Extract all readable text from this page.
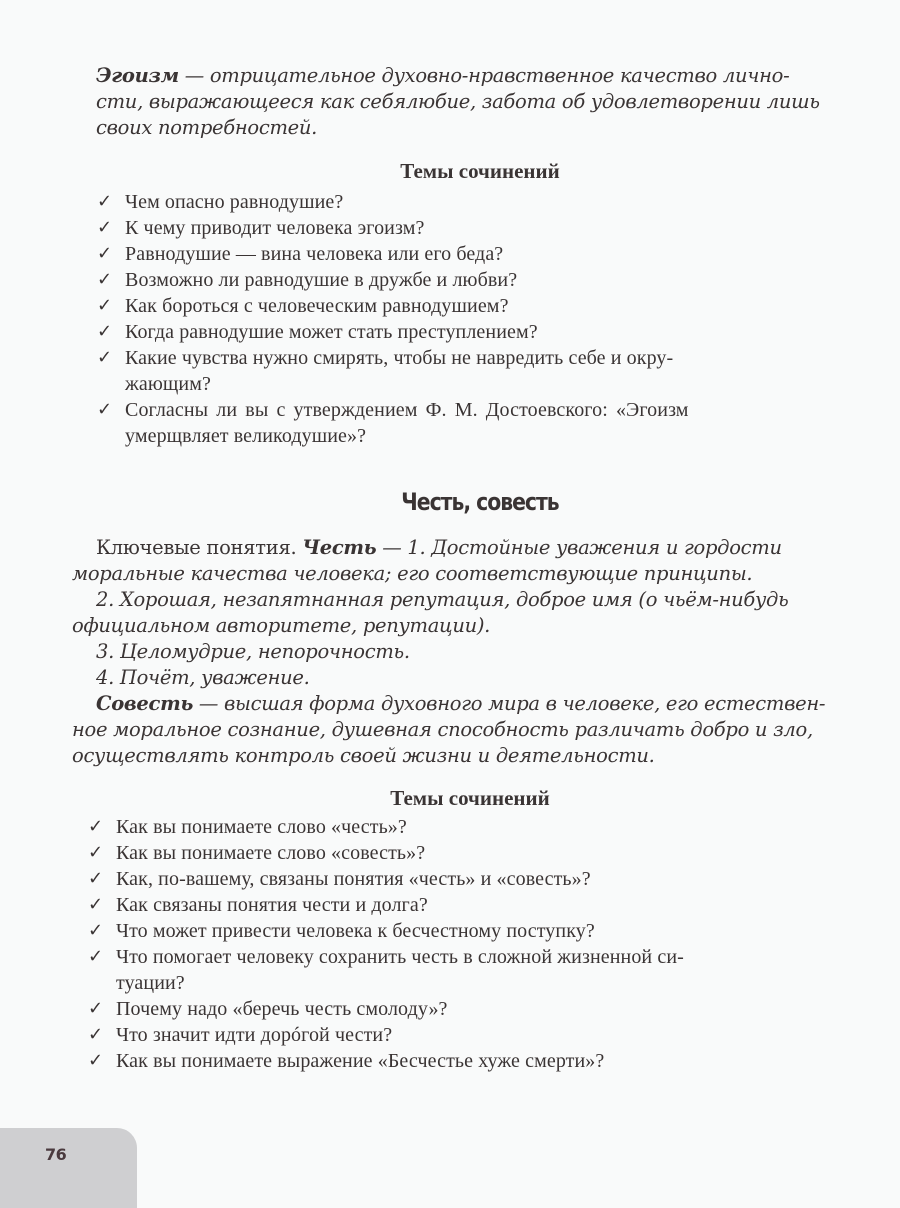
Эгоизм — отрицательное духовно-нравственное качество лично-
сти, выражающееся как себялюбие, забота об удовлетворении лишь
своих потребностей.
Темы сочинений
✓ Чем опасно равнодушие?
✓ К чему приводит человека эгоизм?
✓ Равнодушие — вина человека или его беда?
✓ Возможно ли равнодушие в дружбе и любви?
✓ Как бороться с человеческим равнодушием?
✓ Когда равнодушие может стать преступлением?
✓ Какие чувства нужно смирять, чтобы не навредить себе и окру-
жающим?
✓ Согласны ли вы с утверждением Ф. М. Достоевского: «Эгоизм
умерщвляет великодушие»?
Честь, совесть
Ключевые понятия. Честь — 1. Достойные уважения и гордости
моральные качества человека; его соответствующие принципы.
2. Хорошая, незапятнанная репутация, доброе имя (о чьём-нибудь
официальном авторитете, репутации).
3. Целомудрие, непорочность.
4. Почёт, уважение.
Совесть — высшая форма духовного мира в человеке, его естествен-
ное моральное сознание, душевная способность различать добро и зло,
осуществлять контроль своей жизни и деятельности.
Темы сочинений
✓ Как вы понимаете слово «честь»?
✓ Как вы понимаете слово «совесть»?
✓ Как, по-вашему, связаны понятия «честь» и «совесть»?
✓ Как связаны понятия чести и долга?
✓ Что может привести человека к бесчестному поступку?
✓ Что помогает человеку сохранить честь в сложной жизненной си-
туации?
✓ Почему надо «беречь честь смолоду»?
✓ Что значит идти дорóгой чести?
✓ Как вы понимаете выражение «Бесчестье хуже смерти»?
76
